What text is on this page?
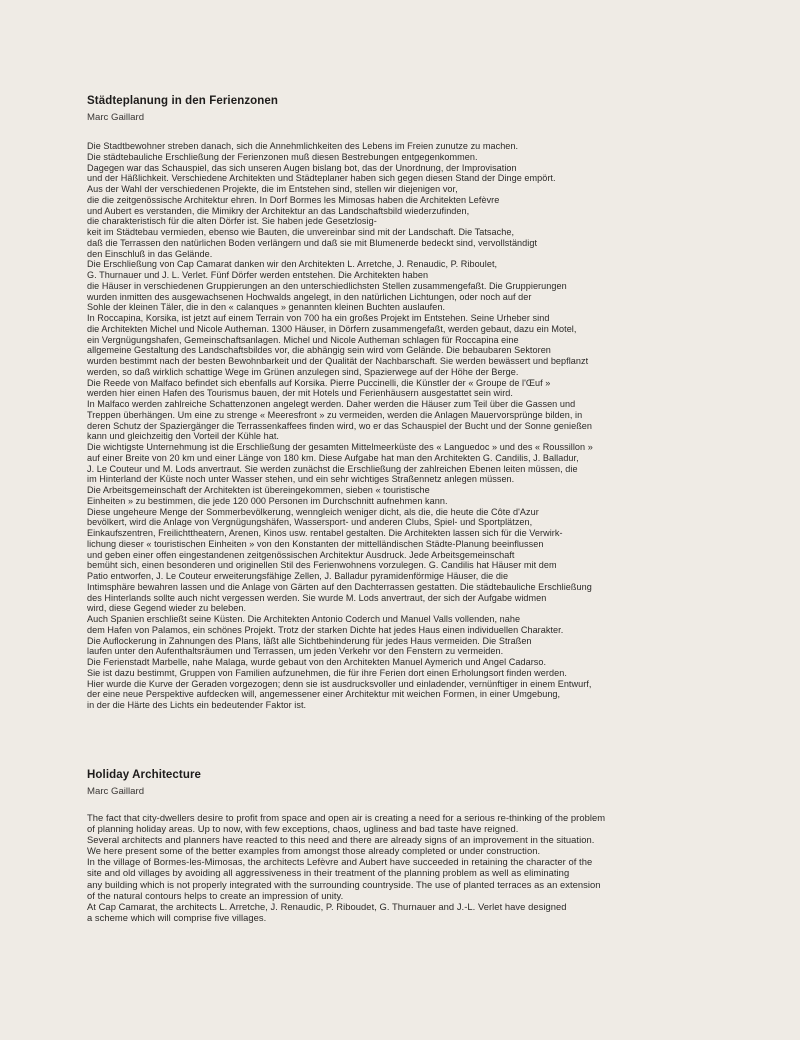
Städteplanung in den Ferienzonen

Marc Gaillard

Die Stadtbewohner streben danach, sich die Annehmlichkeiten des Lebens im Freien zunutze zu machen.
Die städtebauliche Erschließung der Ferienzonen muß diesen Bestrebungen entgegenkommen.
Dagegen war das Schauspiel, das sich unseren Augen bislang bot, das der Unordnung, der Improvisation
und der Häßlichkeit. Verschiedene Architekten und Städteplaner haben sich gegen diesen Stand der Dinge empört.
Aus der Wahl der verschiedenen Projekte, die im Entstehen sind, stellen wir diejenigen vor,
die die zeitgenössische Architektur ehren. In Dorf Bormes les Mimosas haben die Architekten Lefèvre
und Aubert es verstanden, die Mimikry der Architektur an das Landschaftsbild wiederzufinden,
die charakteristisch für die alten Dörfer ist. Sie haben jede Gesetzlosig-
keit im Städtebau vermieden, ebenso wie Bauten, die unvereinbar sind mit der Landschaft. Die Tatsache,
daß die Terrassen den natürlichen Boden verlängern und daß sie mit Blumenerde bedeckt sind, vervollständigt
den Einschluß in das Gelände.
Die Erschließung von Cap Camarat danken wir den Architekten L. Arretche, J. Renaudic, P. Riboulet,
G. Thurnauer und J. L. Verlet. Fünf Dörfer werden entstehen. Die Architekten haben
die Häuser in verschiedenen Gruppierungen an den unterschiedlichsten Stellen zusammengefaßt. Die Gruppierungen
wurden inmitten des ausgewachsenen Hochwalds angelegt, in den natürlichen Lichtungen, oder noch auf der
Sohle der kleinen Täler, die in den « calanques » genannten kleinen Buchten auslaufen.
In Roccapina, Korsika, ist jetzt auf einem Terrain von 700 ha ein großes Projekt im Entstehen. Seine Urheber sind
die Architekten Michel und Nicole Autheman. 1300 Häuser, in Dörfern zusammengefaßt, werden gebaut, dazu ein Motel,
ein Vergnügungshafen, Gemeinschaftsanlagen. Michel und Nicole Autheman schlagen für Roccapina eine
allgemeine Gestaltung des Landschaftsbildes vor, die abhängig sein wird vom Gelände. Die bebaubaren Sektoren
wurden bestimmt nach der besten Bewohnbarkeit und der Qualität der Nachbarschaft. Sie werden bewässert und bepflanzt
werden, so daß wirklich schattige Wege im Grünen anzulegen sind, Spazierwege auf der Höhe der Berge.
Die Reede von Malfaco befindet sich ebenfalls auf Korsika. Pierre Puccinelli, die Künstler der « Groupe de l'Œuf »
werden hier einen Hafen des Tourismus bauen, der mit Hotels und Ferienhäusern ausgestattet sein wird.
In Malfaco werden zahlreiche Schattenzonen angelegt werden. Daher werden die Häuser zum Teil über die Gassen und
Treppen überhängen. Um eine zu strenge « Meeresfront » zu vermeiden, werden die Anlagen Mauervorsprünge bilden, in
deren Schutz der Spaziergänger die Terrassenkaffees finden wird, wo er das Schauspiel der Bucht und der Sonne genießen
kann und gleichzeitig den Vorteil der Kühle hat.
Die wichtigste Unternehmung ist die Erschließung der gesamten Mittelmeerküste des « Languedoc » und des « Roussillon »
auf einer Breite von 20 km und einer Länge von 180 km. Diese Aufgabe hat man den Architekten G. Candilis, J. Balladur,
J. Le Couteur und M. Lods anvertraut. Sie werden zunächst die Erschließung der zahlreichen Ebenen leiten müssen, die
im Hinterland der Küste noch unter Wasser stehen, und ein sehr wichtiges Straßennetz anlegen müssen.
Die Arbeitsgemeinschaft der Architekten ist übereingekommen, sieben « touristische
Einheiten » zu bestimmen, die jede 120 000 Personen im Durchschnitt aufnehmen kann.
Diese ungeheure Menge der Sommerbevölkerung, wenngleich weniger dicht, als die, die heute die Côte d'Azur
bevölkert, wird die Anlage von Vergnügungshäfen, Wassersport- und anderen Clubs, Spiel- und Sportplätzen,
Einkaufszentren, Freilichttheatern, Arenen, Kinos usw. rentabel gestalten. Die Architekten lassen sich für die Verwirk-
lichung dieser « touristischen Einheiten » von den Konstanten der mittelländischen Städte-Planung beeinflussen
und geben einer offen eingestandenen zeitgenössischen Architektur Ausdruck. Jede Arbeitsgemeinschaft
bemüht sich, einen besonderen und originellen Stil des Ferienwohnens vorzulegen. G. Candilis hat Häuser mit dem
Patio entworfen, J. Le Couteur erweiterungsfähige Zellen, J. Balladur pyramidenförmige Häuser, die die
Intimsphäre bewahren lassen und die Anlage von Gärten auf den Dachterrassen gestatten. Die städtebauliche Erschließung
des Hinterlands sollte auch nicht vergessen werden. Sie wurde M. Lods anvertraut, der sich der Aufgabe widmen
wird, diese Gegend wieder zu beleben.
Auch Spanien erschließt seine Küsten. Die Architekten Antonio Coderch und Manuel Valls vollenden, nahe
dem Hafen von Palamos, ein schönes Projekt. Trotz der starken Dichte hat jedes Haus einen individuellen Charakter.
Die Auflockerung in Zahnungen des Plans, läßt alle Sichtbehinderung für jedes Haus vermeiden. Die Straßen
laufen unter den Aufenthaltsräumen und Terrassen, um jeden Verkehr vor den Fenstern zu vermeiden.
Die Ferienstadt Marbelle, nahe Malaga, wurde gebaut von den Architekten Manuel Aymerich und Angel Cadarso.
Sie ist dazu bestimmt, Gruppen von Familien aufzunehmen, die für ihre Ferien dort einen Erholungsort finden werden.
Hier wurde die Kurve der Geraden vorgezogen; denn sie ist ausdrucksvoller und einladender, vernünftiger in einem Entwurf,
der eine neue Perspektive aufdecken will, angemessener einer Architektur mit weichen Formen, in einer Umgebung,
in der die Härte des Lichts ein bedeutender Faktor ist.
Holiday Architecture

Marc Gaillard

The fact that city-dwellers desire to profit from space and open air is creating a need for a serious re-thinking of the problem
of planning holiday areas. Up to now, with few exceptions, chaos, ugliness and bad taste have reigned.
Several architects and planners have reacted to this need and there are already signs of an improvement in the situation.
We here present some of the better examples from amongst those already completed or under construction.
In the village of Bormes-les-Mimosas, the architects Lefèvre and Aubert have succeeded in retaining the character of the
site and old villages by avoiding all aggressiveness in their treatment of the planning problem as well as eliminating
any building which is not properly integrated with the surrounding countryside. The use of planted terraces as an extension
of the natural contours helps to create an impression of unity.
At Cap Camarat, the architects L. Arretche, J. Renaudic, P. Riboudet, G. Thurnauer and J.-L. Verlet have designed
a scheme which will comprise five villages.
